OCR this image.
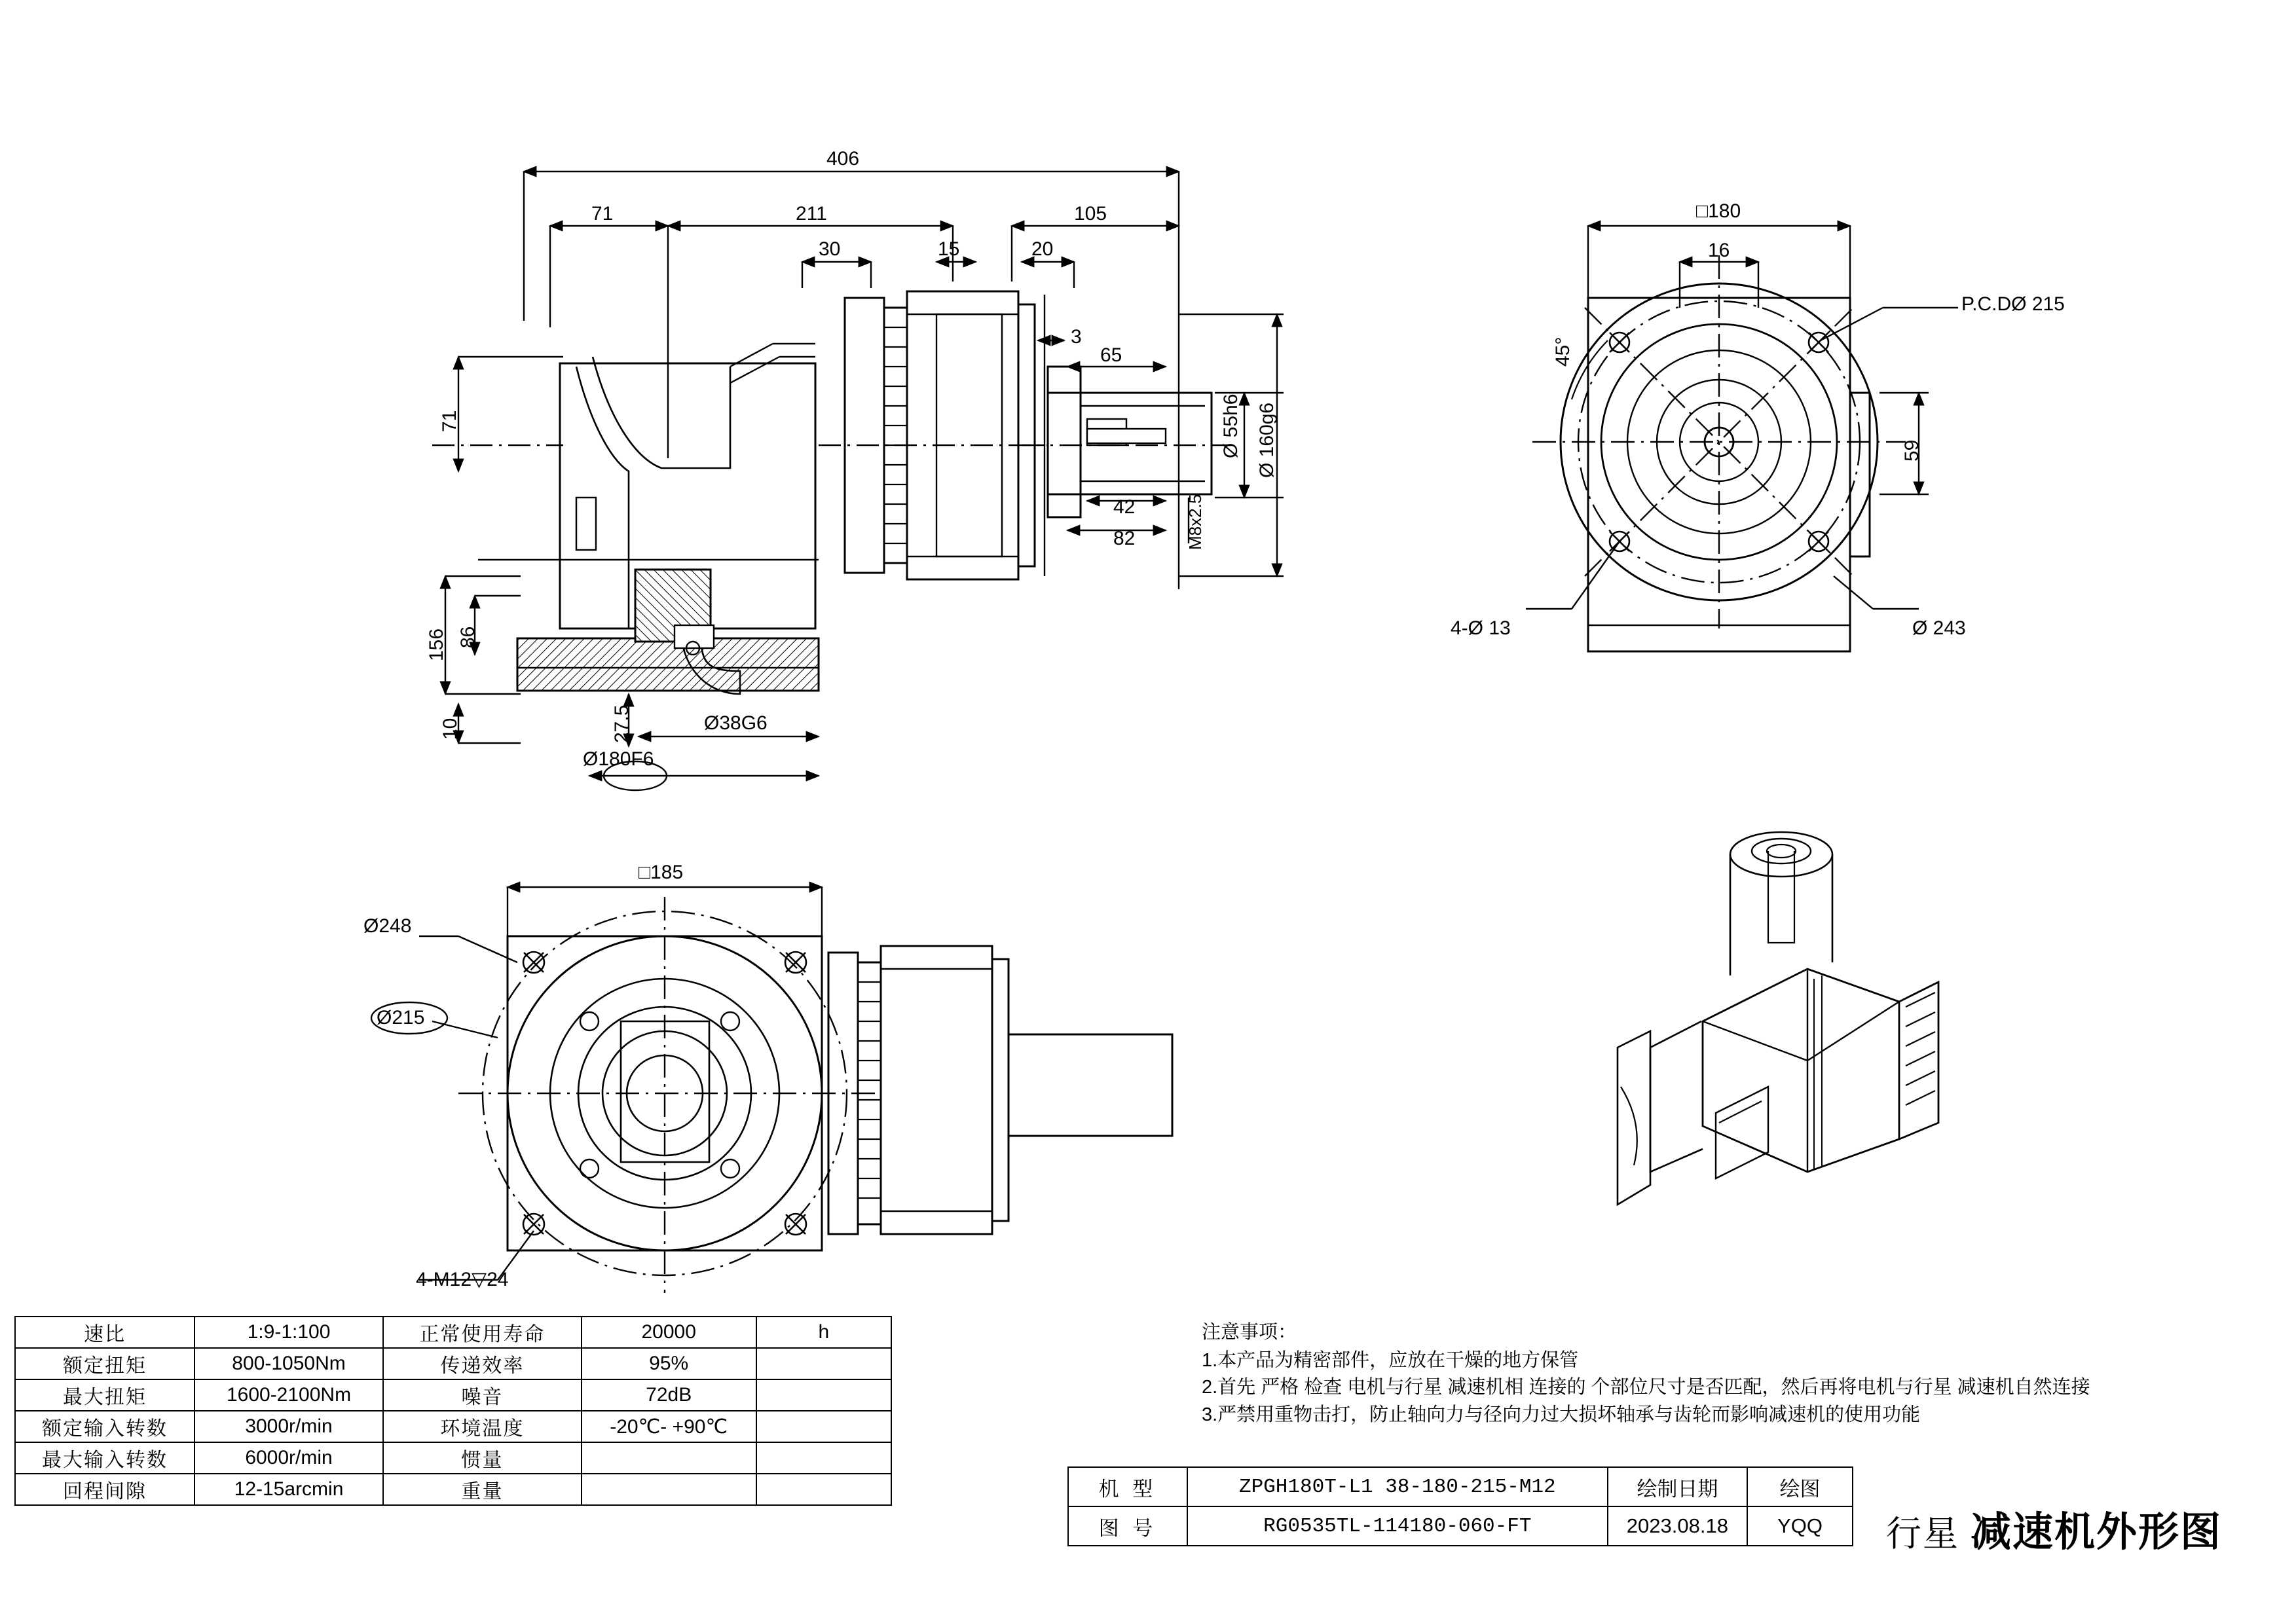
406
71	211
30	15
105
20
3
65
42
82
71
156 86
10	27.5	Ø38G6
Ø180F6
Ø 55h6 Ø 160g6
M8x2.5
□180
16
P.C.DØ 215
45°
59
4-Ø 13	Ø 243
□185
Ø248
Ø215
4-M12▽24
速比	1:9-1:100	正常使用寿命	20000	h
额定扭矩	800-1050Nm	传递效率	95%	
最大扭矩	1600-2100Nm	噪音	72dB	
额定输入转数	3000r/min	环境温度	-20℃- +90℃	
最大输入转数	6000r/min	惯量		
回程间隙	12-15arcmin	重量		
注意事项：
1.本产品为精密部件，应放在干燥的地方保管
2.首先 严格 检查 电机与行星 减速机相 连接的 个部位尺寸是否匹配，然后再将电机与行星 减速机自然连接
3.严禁用重物击打，防止轴向力与径向力过大损坏轴承与齿轮而影响减速机的使用功能
机 型	ZPGH180T-L1 38-180-215-M12	绘制日期	绘图
图 号	RG0535TL-114180-060-FT	2023.08.18	YQQ 行星 减速机外形图
